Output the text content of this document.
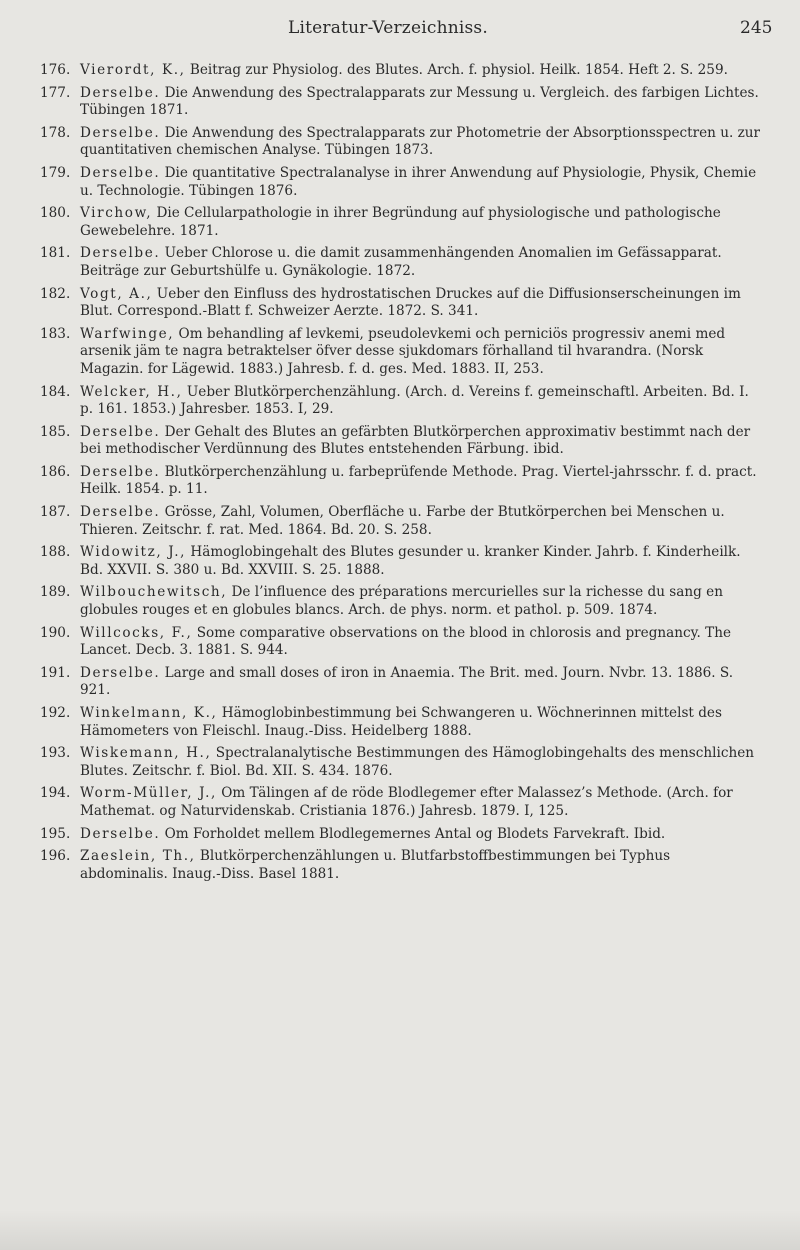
Literatur-Verzeichniss.	245
176. Vierordt, K., Beitrag zur Physiolog. des Blutes. Arch. f. physiol. Heilk. 1854. Heft 2. S. 259.
177. Derselbe. Die Anwendung des Spectralapparats zur Messung u. Vergleich. des farbigen Lichtes. Tübingen 1871.
178. Derselbe. Die Anwendung des Spectralapparats zur Photometrie der Absorptionsspectren u. zur quantitativen chemischen Analyse. Tübingen 1873.
179. Derselbe. Die quantitative Spectralanalyse in ihrer Anwendung auf Physiologie, Physik, Chemie u. Technologie. Tübingen 1876.
180. Virchow, Die Cellularpathologie in ihrer Begründung auf physiologische und pathologische Gewebelehre. 1871.
181. Derselbe. Ueber Chlorose u. die damit zusammenhängenden Anomalien im Gefässapparat. Beiträge zur Geburtshülfe u. Gynäkologie. 1872.
182. Vogt, A., Ueber den Einfluss des hydrostatischen Druckes auf die Diffusionserscheinungen im Blut. Correspond.-Blatt f. Schweizer Aerzte. 1872. S. 341.
183. Warfwinge, Om behandling af levkemi, pseudolevkemi och perniciös progressiv anemi med arsenik jäm te nagra betraktelser öfver desse sjukdomars förhalland til hvarandra. (Norsk Magazin. for Lägewid. 1883.) Jahresb. f. d. ges. Med. 1883. II, 253.
184. Welcker, H., Ueber Blutkörperchenzählung. (Arch. d. Vereins f. gemeinschaftl. Arbeiten. Bd. I. p. 161. 1853.) Jahresber. 1853. I, 29.
185. Derselbe. Der Gehalt des Blutes an gefärbten Blutkörperchen approximativ bestimmt nach der bei methodischer Verdünnung des Blutes entstehenden Färbung. ibid.
186. Derselbe. Blutkörperchenzählung u. farbeprüfende Methode. Prag. Viertel-jahrsschr. f. d. pract. Heilk. 1854. p. 11.
187. Derselbe. Grösse, Zahl, Volumen, Oberfläche u. Farbe der Btutkörperchen bei Menschen u. Thieren. Zeitschr. f. rat. Med. 1864. Bd. 20. S. 258.
188. Widowitz, J., Hämoglobingehalt des Blutes gesunder u. kranker Kinder. Jahrb. f. Kinderheilk. Bd. XXVII. S. 380 u. Bd. XXVIII. S. 25. 1888.
189. Wilbouchewitsch, De l’influence des préparations mercurielles sur la richesse du sang en globules rouges et en globules blancs. Arch. de phys. norm. et pathol. p. 509. 1874.
190. Willcocks, F., Some comparative observations on the blood in chlorosis and pregnancy. The Lancet. Decb. 3. 1881. S. 944.
191. Derselbe. Large and small doses of iron in Anaemia. The Brit. med. Journ. Nvbr. 13. 1886. S. 921.
192. Winkelmann, K., Hämoglobinbestimmung bei Schwangeren u. Wöchnerinnen mittelst des Hämometers von Fleischl. Inaug.-Diss. Heidelberg 1888.
193. Wiskemann, H., Spectralanalytische Bestimmungen des Hämoglobingehalts des menschlichen Blutes. Zeitschr. f. Biol. Bd. XII. S. 434. 1876.
194. Worm-Müller, J., Om Tälingen af de röde Blodlegemer efter Malassez’s Methode. (Arch. for Mathemat. og Naturvidenskab. Cristiania 1876.) Jahresb. 1879. I, 125.
195. Derselbe. Om Forholdet mellem Blodlegemernes Antal og Blodets Farvekraft. Ibid.
196. Zaeslein, Th., Blutkörperchenzählungen u. Blutfarbstoffbestimmungen bei Typhus abdominalis. Inaug.-Diss. Basel 1881.
